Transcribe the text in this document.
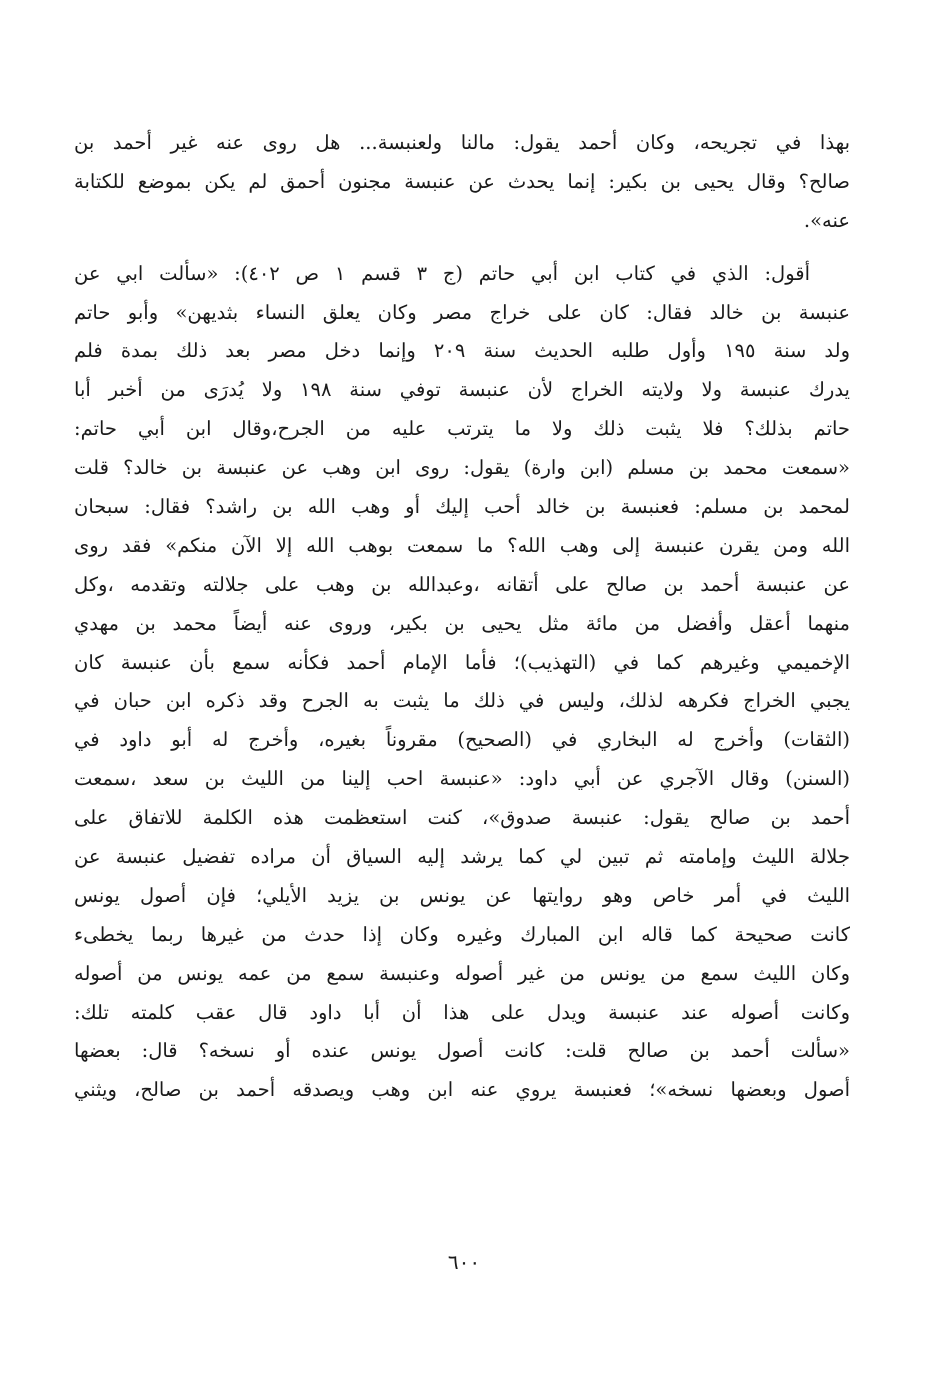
بهذا في تجريحه، وكان أحمد يقول: مالنا ولعنبسة... هل روى عنه غير أحمد بن
صالح؟ وقال يحيى بن بكير: إنما يحدث عن عنبسة مجنون أحمق لم يكن بموضع للكتابة
عنه».
أقول: الذي في كتاب ابن أبي حاتم (ج ٣ قسم ١ ص ٤٠٢): «سألت ابي عن
عنبسة بن خالد فقال: كان على خراج مصر وكان يعلق النساء بثديهن» وأبو حاتم
ولد سنة ١٩٥ وأول طلبه الحديث سنة ٢٠٩ وإنما دخل مصر بعد ذلك بمدة فلم
يدرك عنبسة ولا ولايته الخراج لأن عنبسة توفي سنة ١٩٨ ولا يُدرَى من أخبر أبا
حاتم بذلك؟ فلا يثبت ذلك ولا ما يترتب عليه من الجرح،وقال ابن أبي حاتم:
«سمعت محمد بن مسلم (ابن وارة) يقول: روى ابن وهب عن عنبسة بن خالد؟ قلت
لمحمد بن مسلم: فعنبسة بن خالد أحب إليك أو وهب الله بن راشد؟ فقال: سبحان
الله ومن يقرن عنبسة إلى وهب الله؟ ما سمعت بوهب الله إلا الآن منكم» فقد روى
عن عنبسة أحمد بن صالح على أتقانه ،وعبدالله بن وهب على جلالته وتقدمه ،وكل
منهما أعقل وأفضل من مائة مثل يحيى بن بكير، وروى عنه أيضاً محمد بن مهدي
الإخميمي وغيرهم كما في (التهذيب)؛ فأما الإمام أحمد فكأنه سمع بأن عنبسة كان
يجبي الخراج فكرهه لذلك، وليس في ذلك ما يثبت به الجرح وقد ذكره ابن حبان في
(الثقات) وأخرج له البخاري في (الصحيح) مقروناً بغيره، وأخرج له أبو داود في
(السنن) وقال الآجري عن أبي داود: «عنبسة احب إلينا من الليث بن سعد ،سمعت
أحمد بن صالح يقول: عنبسة صدوق»، كنت استعظمت هذه الكلمة للاتفاق على
جلالة الليث وإمامته ثم تبين لي كما يرشد إليه السياق أن مراده تفضيل عنبسة عن
الليث في أمر خاص وهو روايتها عن يونس بن يزيد الأيلي؛ فإن أصول يونس
كانت صحيحة كما قاله ابن المبارك وغيره وكان إذا حدث من غيرها ربما يخطىء
وكان الليث سمع من يونس من غير أصوله وعنبسة سمع من عمه يونس من أصوله
وكانت أصوله عند عنبسة ويدل على هذا أن أبا داود قال عقب كلمته تلك:
«سألت أحمد بن صالح قلت: كانت أصول يونس عنده أو نسخه؟ قال: بعضها
أصول وبعضها نسخه»؛ فعنبسة يروي عنه ابن وهب ويصدقه أحمد بن صالح، ويثني
٦٠٠
